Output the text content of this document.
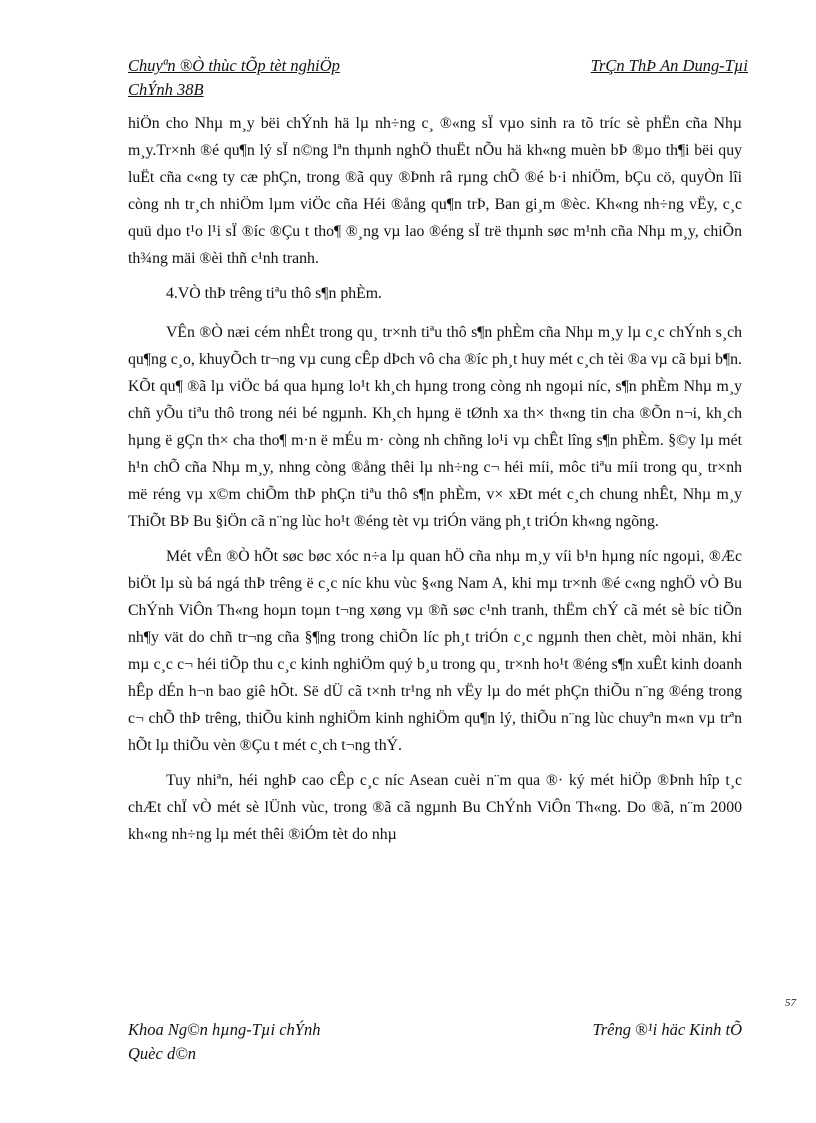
Chuyªn ®Ò thùc tÕp tèt nghiÖp	TrÇn ThÞ An Dung-Tµi
ChÝnh 38B

hiÖn cho Nhµ m¸y bëi chÝnh hä lµ nh÷ng c¸ ®«ng sÏ vµo sinh ra tõ tríc sè phËn cña Nhµ m¸y.Tr×nh ®é qu¶n lý sÏ n©ng lªn thµnh nghÖ thuËt nÕu hä kh«ng muèn bÞ ®µo th¶i bëi quy luËt cña c«ng ty cæ phÇn, trong ®ã quy ®Þnh râ rµng chÕ ®é b·i nhiÖm, bÇu cö, quyÒn lîi còng nh tr¸ch nhiÖm lµm viÖc cña Héi ®ång qu¶n trÞ, Ban gi¸m ®èc. Kh«ng nh÷ng vËy, c¸c quü dµo t¹o l¹i sÏ ®íc ®Çu t tho¶ ®¸ng vµ lao ®éng sÏ trë thµnh søc m¹nh cña Nhµ m¸y, chiÕn th¾ng mäi ®èi thñ c¹nh tranh.

4.VÒ thÞ trêng tiªu thô s¶n phÈm.

VÊn ®Ò næi cém nhÊt trong qu¸ tr×nh tiªu thô s¶n phÈm cña Nhµ m¸y lµ c¸c chÝnh s¸ch qu¶ng c¸o, khuyÕch tr¬ng vµ cung cÊp dÞch vô cha ®íc ph¸t huy mét c¸ch tèi ®a vµ cã bµi b¶n. KÕt qu¶ ®ã lµ viÖc bá qua hµng lo¹t kh¸ch hµng trong còng nh ngoµi níc, s¶n phÈm Nhµ m¸y chñ yÕu tiªu thô trong néi bé ngµnh. Kh¸ch hµng ë tØnh xa th× th«ng tin cha ®Õn n¬i, kh¸ch hµng ë gÇn th× cha tho¶ m·n ë mÉu m· còng nh chñng lo¹i vµ chÊt lîng s¶n phÈm. §©y lµ mét h¹n chÕ cña Nhµ m¸y, nhng còng ®ång thêi lµ nh÷ng c¬ héi míi, môc tiªu míi trong qu¸ tr×nh më réng vµ x©m chiÕm thÞ phÇn tiªu thô s¶n phÈm, v× xÐt mét c¸ch chung nhÊt, Nhµ m¸y ThiÕt BÞ Bu §iÖn cã n¨ng lùc ho¹t ®éng tèt vµ triÓn väng ph¸t triÓn kh«ng ngõng.

Mét vÊn ®Ò hÕt søc bøc xóc n÷a lµ quan hÖ cña nhµ m¸y víi b¹n hµng níc ngoµi, ®Æc biÖt lµ sù bá ngá thÞ trêng ë c¸c níc khu vùc §«ng Nam A, khi mµ tr×nh ®é c«ng nghÖ vÒ Bu ChÝnh ViÔn Th«ng hoµn toµn t¬ng xøng vµ ®ñ søc c¹nh tranh, thËm chÝ cã mét sè bíc tiÕn nh¶y vät do chñ tr¬ng cña §¶ng trong chiÕn líc ph¸t triÓn c¸c ngµnh then chèt, mòi nhän, khi mµ c¸c c¬ héi tiÕp thu c¸c kinh nghiÖm quý b¸u trong qu¸ tr×nh ho¹t ®éng s¶n xuÊt kinh doanh hÊp dÉn h¬n bao giê hÕt. Së dÜ cã t×nh tr¹ng nh vËy lµ do mét phÇn thiÕu n¨ng ®éng trong c¬ chÕ thÞ trêng, thiÕu kinh nghiÖm kinh nghiÖm qu¶n lý, thiÕu n¨ng lùc chuyªn m«n vµ trªn hÕt lµ thiÕu vèn ®Çu t mét c¸ch t¬ng thÝ.

Tuy nhiªn, héi nghÞ cao cÊp c¸c níc Asean cuèi n¨m qua ®· ký mét hiÖp ®Þnh hîp t¸c chÆt chÏ vÒ mét sè lÜnh vùc, trong ®ã cã ngµnh Bu ChÝnh ViÔn Th«ng. Do ®ã, n¨m 2000 kh«ng nh÷ng lµ mét thêi ®iÓm tèt do nhµ

57
Khoa Ng©n hµng-Tµi chÝnh	Trêng ®¹i häc Kinh tÕ
Quèc d©n
